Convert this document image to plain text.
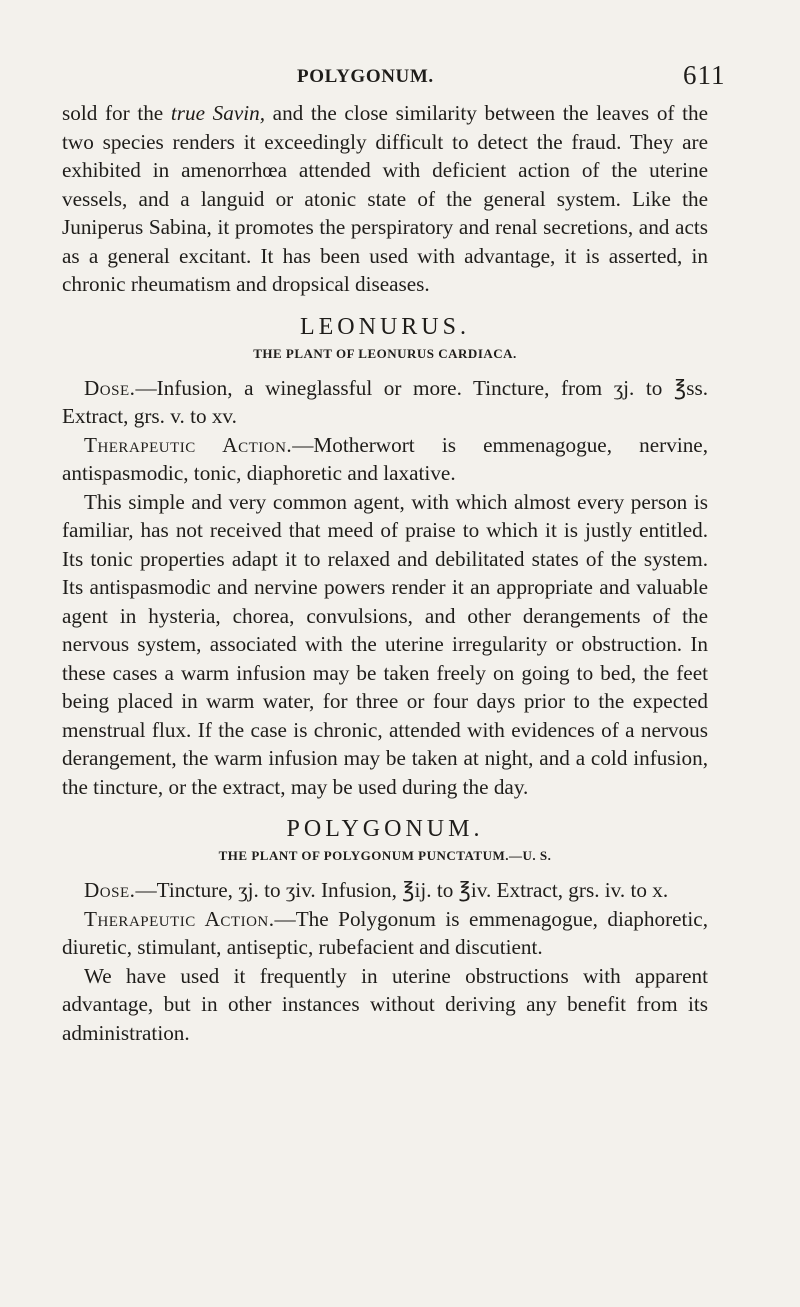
POLYGONUM.	611

sold for the true Savin, and the close similarity between the leaves of the two species renders it exceedingly difficult to detect the fraud. They are exhibited in amenorrhœa attended with deficient action of the uterine vessels, and a languid or atonic state of the general system. Like the Juniperus Sabina, it promotes the perspiratory and renal secretions, and acts as a general excitant. It has been used with advantage, it is asserted, in chronic rheumatism and dropsical diseases.

LEONURUS.
THE PLANT OF LEONURUS CARDIACA.

Dose.—Infusion, a wineglassful or more. Tincture, from ʒj. to ℥ss. Extract, grs. v. to xv.

Therapeutic Action.—Motherwort is emmenagogue, nervine, antispasmodic, tonic, diaphoretic and laxative.

This simple and very common agent, with which almost every person is familiar, has not received that meed of praise to which it is justly entitled. Its tonic properties adapt it to relaxed and debilitated states of the system. Its antispasmodic and nervine powers render it an appropriate and valuable agent in hysteria, chorea, convulsions, and other derangements of the nervous system, associated with the uterine irregularity or obstruction. In these cases a warm infusion may be taken freely on going to bed, the feet being placed in warm water, for three or four days prior to the expected menstrual flux. If the case is chronic, attended with evidences of a nervous derangement, the warm infusion may be taken at night, and a cold infusion, the tincture, or the extract, may be used during the day.

POLYGONUM.
THE PLANT OF POLYGONUM PUNCTATUM.—U. S.

Dose.—Tincture, ʒj. to ʒiv. Infusion, ℥ij. to ℥iv. Extract, grs. iv. to x.

Therapeutic Action.—The Polygonum is emmenagogue, diaphoretic, diuretic, stimulant, antiseptic, rubefacient and discutient.

We have used it frequently in uterine obstructions with apparent advantage, but in other instances without deriving any benefit from its administration.
